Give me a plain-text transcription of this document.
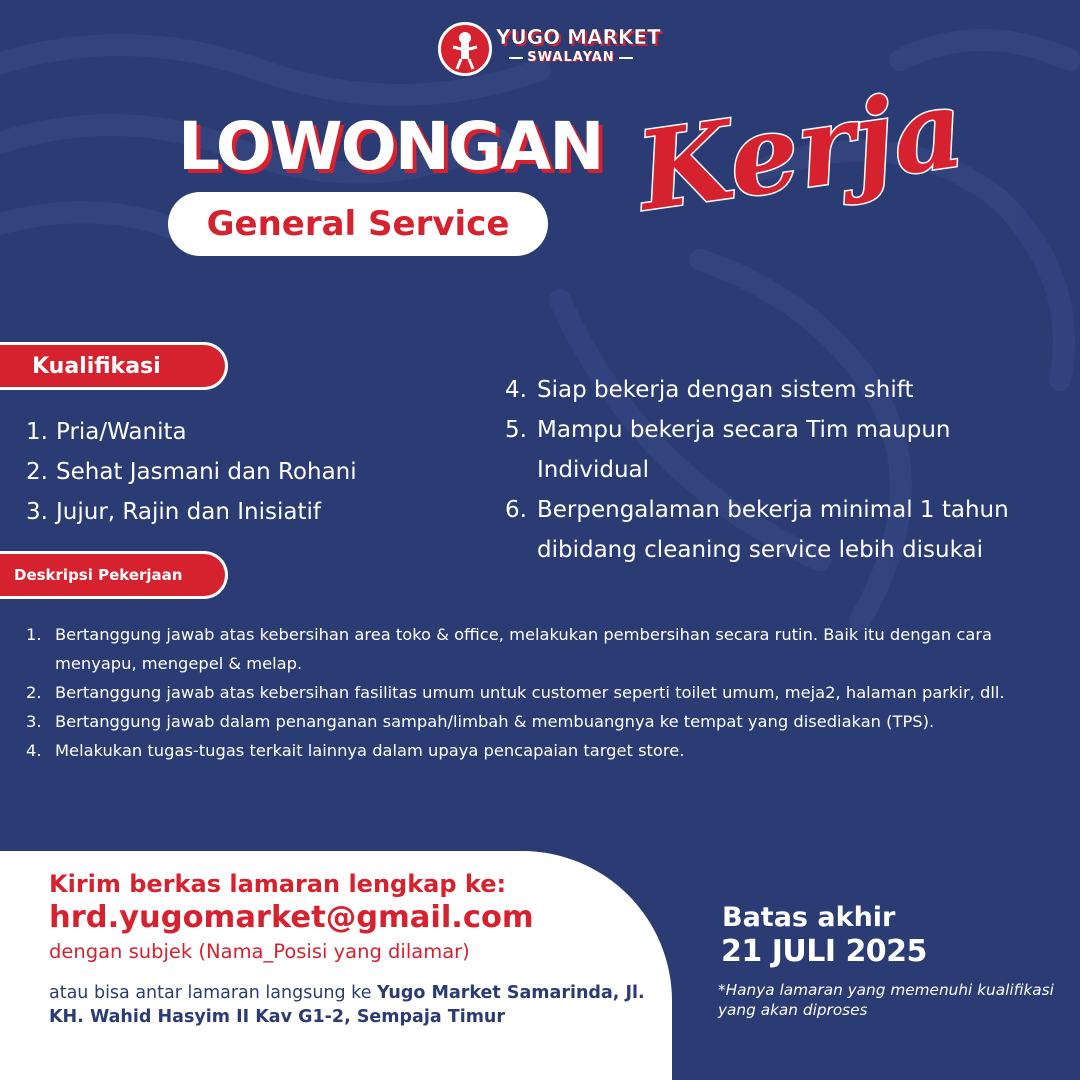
YUGO MARKET
SWALAYAN
LOWONGAN Kerja
General Service
Kualifikasi
1. Pria/Wanita
2. Sehat Jasmani dan Rohani
3. Jujur, Rajin dan Inisiatif
4. Siap bekerja dengan sistem shift
5. Mampu bekerja secara Tim maupun Individual
6. Berpengalaman bekerja minimal 1 tahun dibidang cleaning service lebih disukai
Deskripsi Pekerjaan
1. Bertanggung jawab atas kebersihan area toko & office, melakukan pembersihan secara rutin. Baik itu dengan cara menyapu, mengepel & melap.
2. Bertanggung jawab atas kebersihan fasilitas umum untuk customer seperti toilet umum, meja2, halaman parkir, dll.
3. Bertanggung jawab dalam penanganan sampah/limbah & membuangnya ke tempat yang disediakan (TPS).
4. Melakukan tugas-tugas terkait lainnya dalam upaya pencapaian target store.
Kirim berkas lamaran lengkap ke:
hrd.yugomarket@gmail.com
dengan subjek (Nama_Posisi yang dilamar)
atau bisa antar lamaran langsung ke Yugo Market Samarinda, Jl. KH. Wahid Hasyim II Kav G1-2, Sempaja Timur
Batas akhir
21 JULI 2025
*Hanya lamaran yang memenuhi kualifikasi yang akan diproses
